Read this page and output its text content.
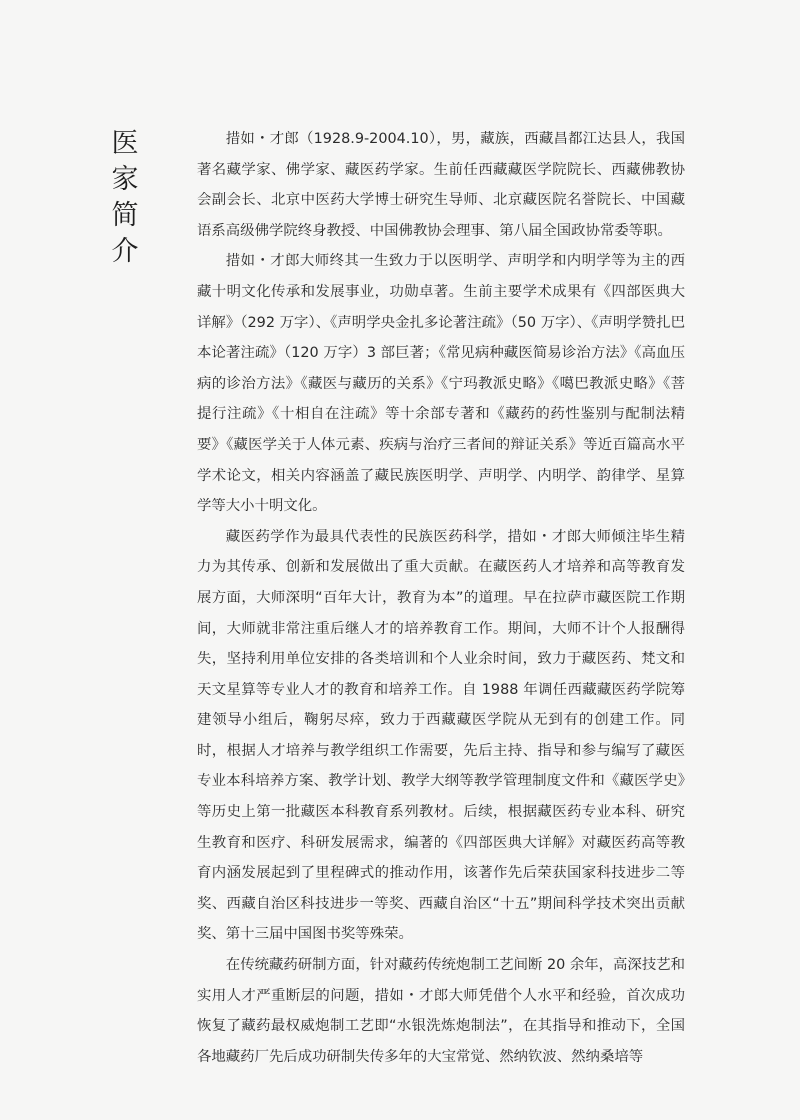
医
家
简
介

措如・才郎（1928.9-2004.10），男，藏族，西藏昌都江达县人，我国著名藏学家、佛学家、藏医药学家。生前任西藏藏医学院院长、西藏佛教协会副会长、北京中医药大学博士研究生导师、北京藏医院名誉院长、中国藏语系高级佛学院终身教授、中国佛教协会理事、第八届全国政协常委等职。

措如・才郎大师终其一生致力于以医明学、声明学和内明学等为主的西藏十明文化传承和发展事业，功勋卓著。生前主要学术成果有《四部医典大详解》（292 万字）、《声明学央金扎多论著注疏》（50 万字）、《声明学赞扎巴本论著注疏》（120 万字）3 部巨著；《常见病种藏医简易诊治方法》《高血压病的诊治方法》《藏医与藏历的关系》《宁玛教派史略》《噶巴教派史略》《菩提行注疏》《十相自在注疏》等十余部专著和《藏药的药性鉴别与配制法精要》《藏医学关于人体元素、疾病与治疗三者间的辩证关系》等近百篇高水平学术论文，相关内容涵盖了藏民族医明学、声明学、内明学、韵律学、星算学等大小十明文化。

藏医药学作为最具代表性的民族医药科学，措如・才郎大师倾注毕生精力为其传承、创新和发展做出了重大贡献。在藏医药人才培养和高等教育发展方面，大师深明“百年大计，教育为本”的道理。早在拉萨市藏医院工作期间，大师就非常注重后继人才的培养教育工作。期间，大师不计个人报酬得失，坚持利用单位安排的各类培训和个人业余时间，致力于藏医药、梵文和天文星算等专业人才的教育和培养工作。自 1988 年调任西藏藏医药学院筹建领导小组后，鞠躬尽瘁，致力于西藏藏医学院从无到有的创建工作。同时，根据人才培养与教学组织工作需要，先后主持、指导和参与编写了藏医专业本科培养方案、教学计划、教学大纲等教学管理制度文件和《藏医学史》等历史上第一批藏医本科教育系列教材。后续，根据藏医药专业本科、研究生教育和医疗、科研发展需求，编著的《四部医典大详解》对藏医药高等教育内涵发展起到了里程碑式的推动作用，该著作先后荣获国家科技进步二等奖、西藏自治区科技进步一等奖、西藏自治区“十五”期间科学技术突出贡献奖、第十三届中国图书奖等殊荣。

在传统藏药研制方面，针对藏药传统炮制工艺间断 20 余年，高深技艺和实用人才严重断层的问题，措如・才郎大师凭借个人水平和经验，首次成功恢复了藏药最权威炮制工艺即“水银洗炼炮制法”，在其指导和推动下，全国各地藏药厂先后成功研制失传多年的大宝常觉、然纳钦波、然纳桑培等
